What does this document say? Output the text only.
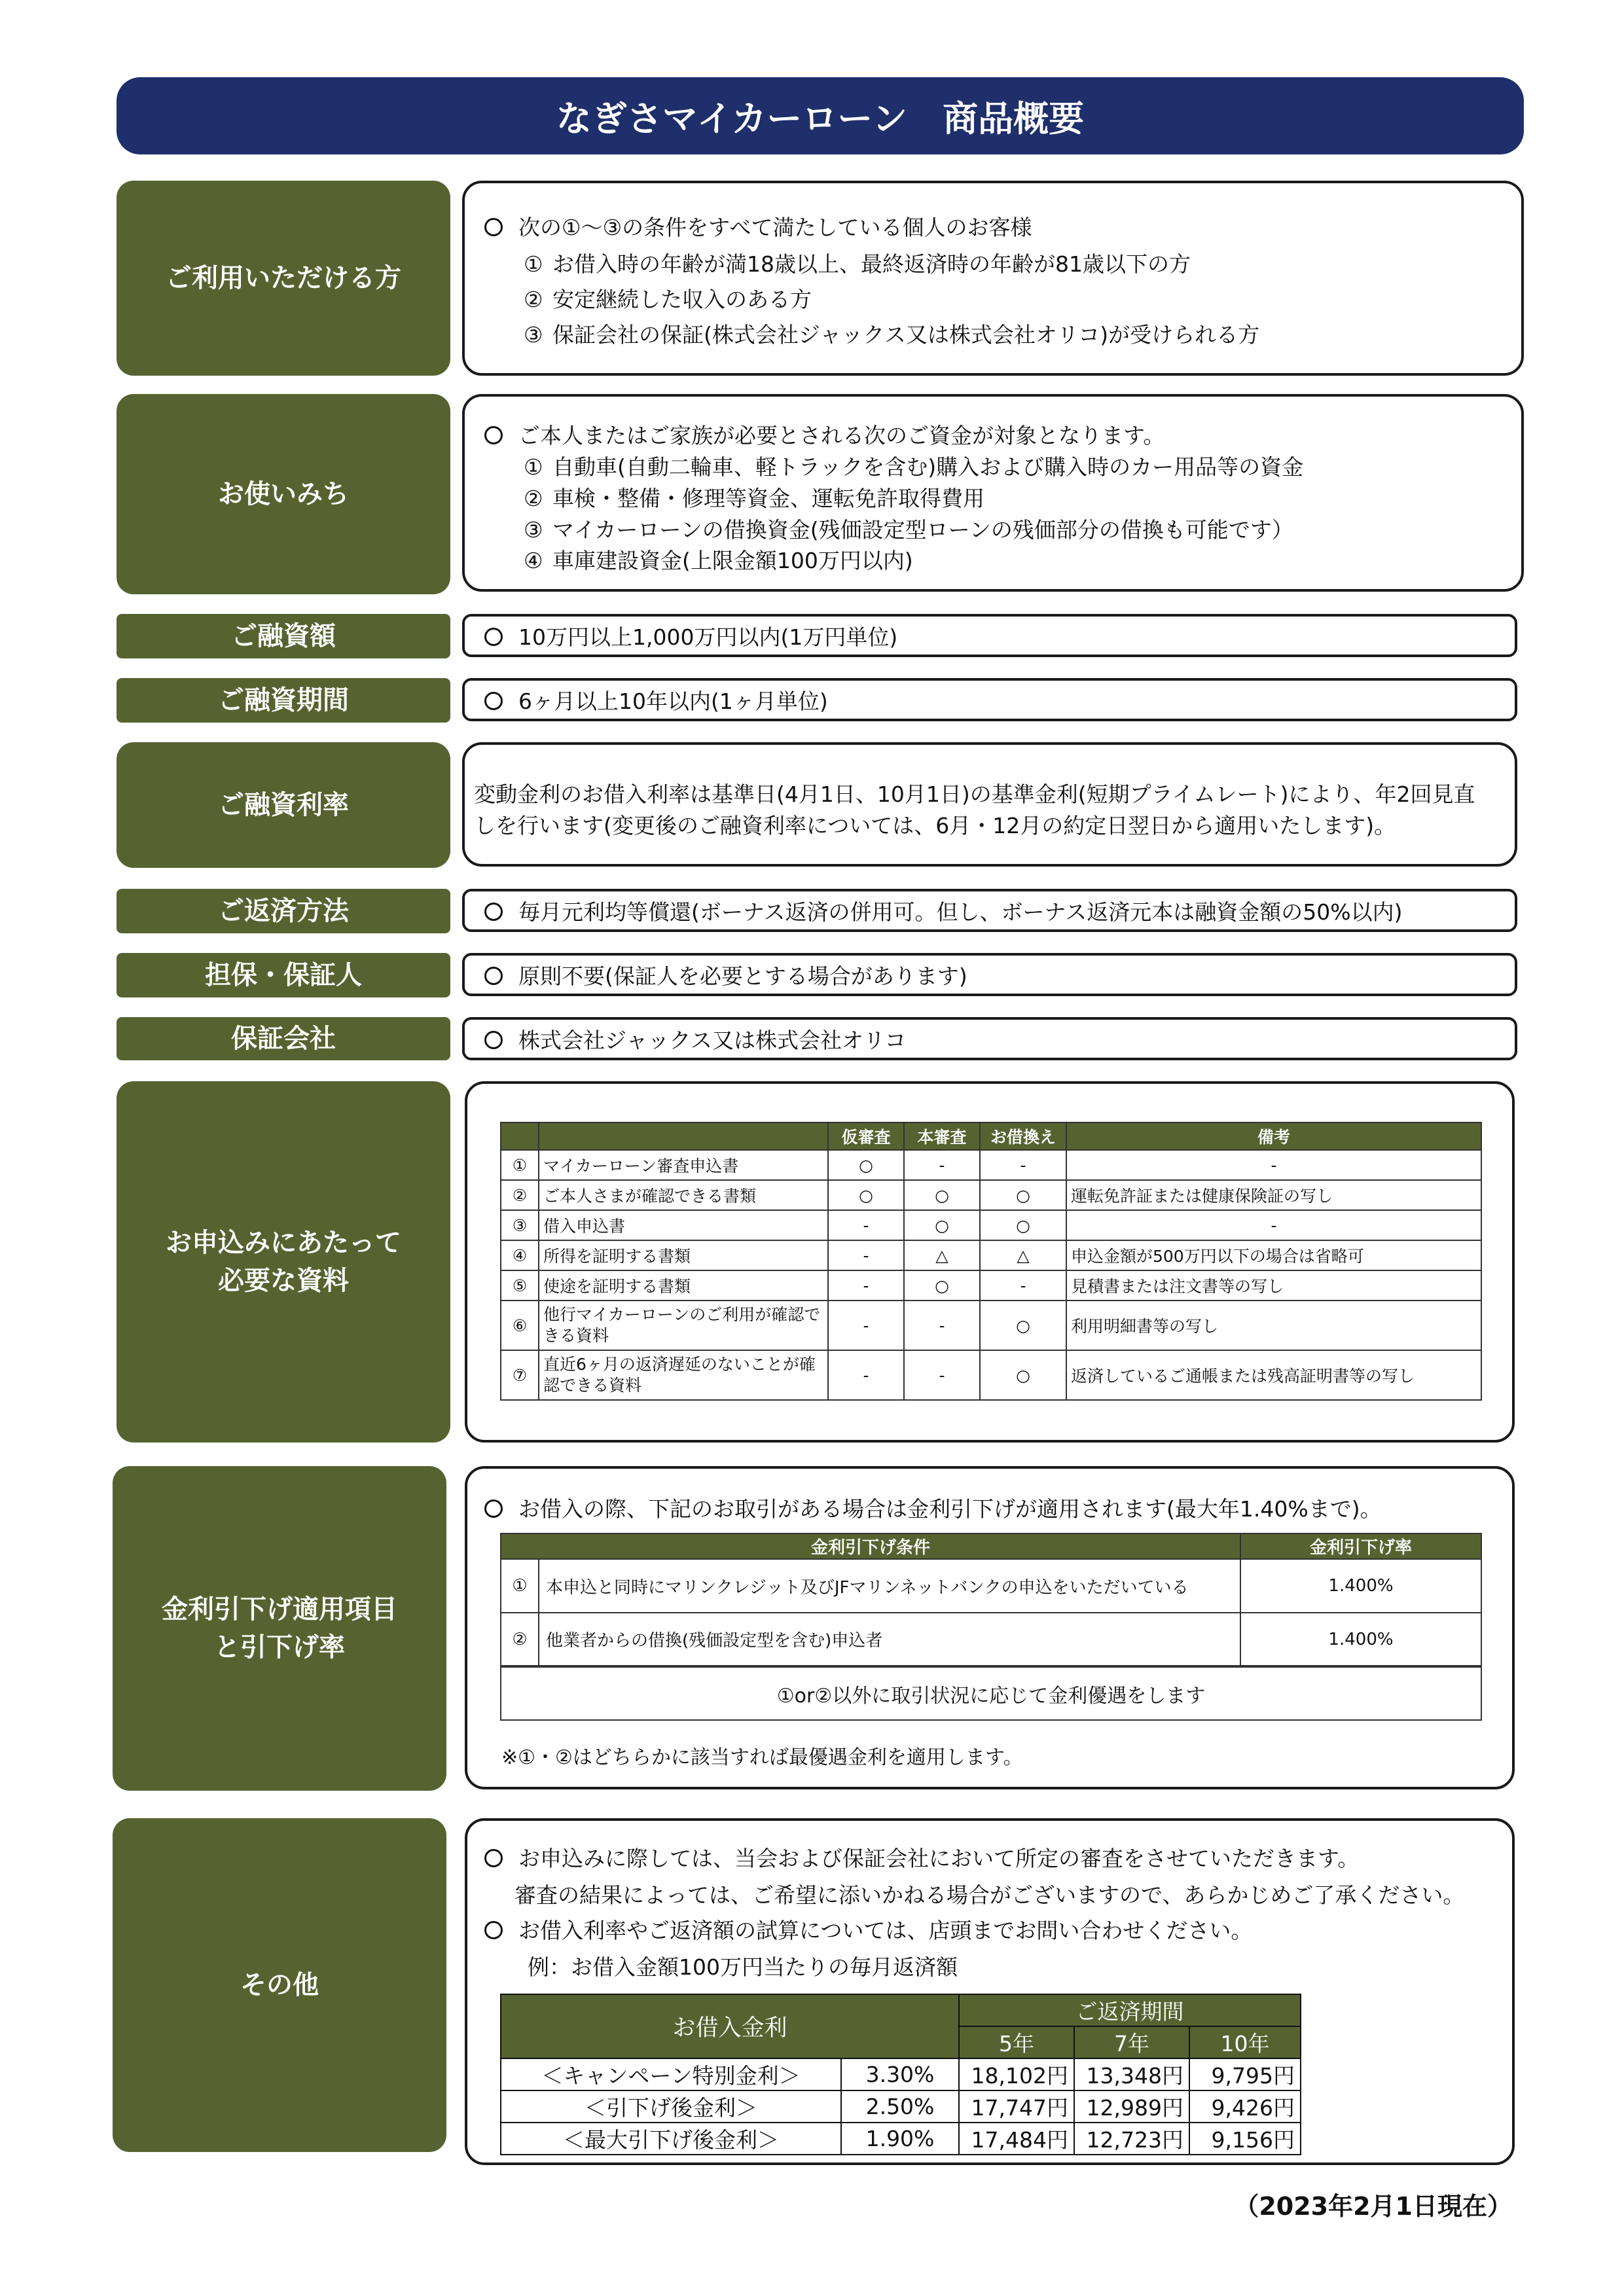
なぎさマイカーローン　商品概要
ご利用いただける方
次の①～③の条件をすべて満たしている個人のお客様
① お借入時の年齢が満18歳以上、最終返済時の年齢が81歳以下の方
② 安定継続した収入のある方
③ 保証会社の保証(株式会社ジャックス又は株式会社オリコ)が受けられる方
お使いみち
ご本人またはご家族が必要とされる次のご資金が対象となります。
① 自動車(自動二輪車、軽トラックを含む)購入および購入時のカー用品等の資金
② 車検・整備・修理等資金、運転免許取得費用
③ マイカーローンの借換資金(残価設定型ローンの残価部分の借換も可能です）
④ 車庫建設資金(上限金額100万円以内)
ご融資額	10万円以上1,000万円以内(1万円単位)
ご融資期間	6ヶ月以上10年以内(1ヶ月単位)
ご融資利率	変動金利のお借入利率は基準日(4月1日、10月1日)の基準金利(短期プライムレート)により、年2回見直
しを行います(変更後のご融資利率については、6月・12月の約定日翌日から適用いたします)。
ご返済方法	毎月元利均等償還(ボーナス返済の併用可。但し、ボーナス返済元本は融資金額の50%以内)
担保・保証人	原則不要(保証人を必要とする場合があります)
保証会社	株式会社ジャックス又は株式会社オリコ
お申込みにあたって
必要な資料
		仮審査	本審査	お借換え	備考
①	マイカーローン審査申込書	○	-	-	-
②	ご本人さまが確認できる書類	○	○	○	運転免許証または健康保険証の写し
③	借入申込書	-	○	○	-
④	所得を証明する書類	-	△	△	申込金額が500万円以下の場合は省略可
⑤	使途を証明する書類	-	○	-	見積書または注文書等の写し
⑥	他行マイカーローンのご利用が確認できる資料	-	-	○	利用明細書等の写し
⑦	直近6ヶ月の返済遅延のないことが確認できる資料	-	-	○	返済しているご通帳または残高証明書等の写し
金利引下げ適用項目
と引下げ率
お借入の際、下記のお取引がある場合は金利引下げが適用されます(最大年1.40%まで)。
金利引下げ条件		金利引下げ率
①	本申込と同時にマリンクレジット及びJFマリンネットバンクの申込をいただいている	1.400%
②	他業者からの借換(残価設定型を含む)申込者	1.400%
①or②以外に取引状況に応じて金利優遇をします		
※①・②はどちらかに該当すれば最優遇金利を適用します。
その他
お申込みに際しては、当会および保証会社において所定の審査をさせていただきます。
審査の結果によっては、ご希望に添いかねる場合がございますので、あらかじめご了承ください。
お借入利率やご返済額の試算については、店頭までお問い合わせください。
例：お借入金額100万円当たりの毎月返済額
お借入金利		ご返済期間		
		5年	7年	10年
＜キャンペーン特別金利＞	3.30%	18,102円	13,348円	9,795円
＜引下げ後金利＞	2.50%	17,747円	12,989円	9,426円
＜最大引下げ後金利＞	1.90%	17,484円	12,723円	9,156円
（2023年2月1日現在）
